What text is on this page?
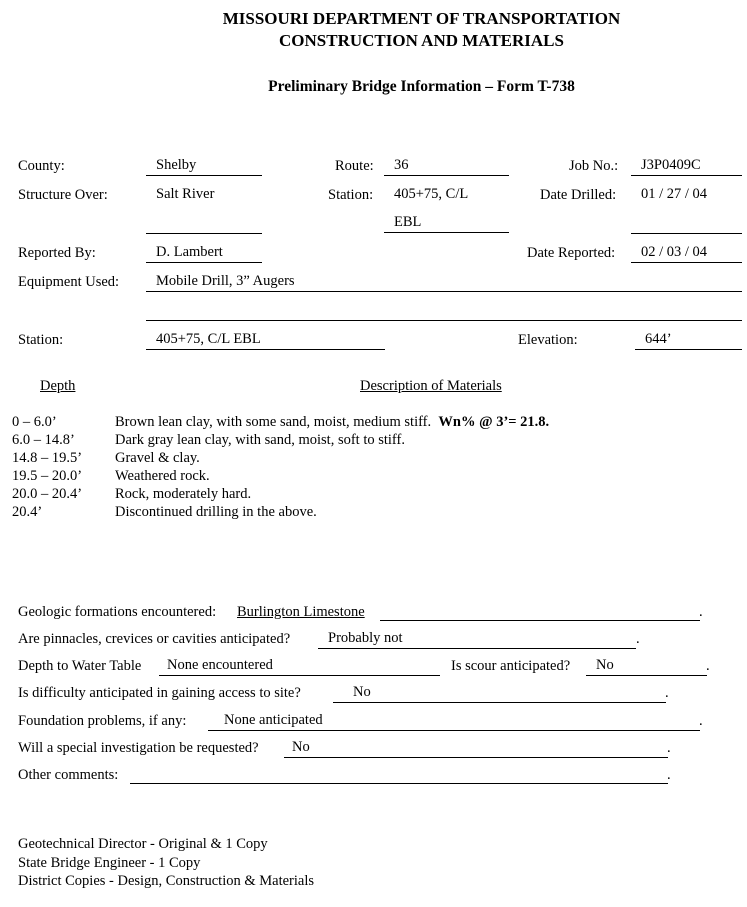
MISSOURI DEPARTMENT OF TRANSPORTATION
CONSTRUCTION AND MATERIALS
Preliminary Bridge Information – Form T-738
County:	Shelby	Route:	36	Job No.:	J3P0409C
Structure Over:	Salt River	Station:	405+75, C/L
EBL
Date Drilled:	01 / 27 / 04
Reported By:	D. Lambert	Date Reported:	02 / 03 / 04
Equipment Used:	Mobile Drill, 3” Augers
Station:	405+75, C/L EBL	Elevation:	644’
Depth	Description of Materials
0 – 6.0’	Brown lean clay, with some sand, moist, medium stiff. Wn% @ 3’= 21.8.
6.0 – 14.8’	Dark gray lean clay, with sand, moist, soft to stiff.
14.8 – 19.5’ Gravel & clay.
19.5 – 20.0’ Weathered rock.
20.0 – 20.4’ Rock, moderately hard.
20.4’	Discontinued drilling in the above.
Geologic formations encountered: Burlington Limestone	.
Are pinnacles, crevices or cavities anticipated?	Probably not	.
Depth to Water Table	None encountered	Is scour anticipated?	No	.
Is difficulty anticipated in gaining access to site?	No	.
Foundation problems, if any:	None anticipated	.
Will a special investigation be requested?	No	.
Other comments:	.
Geotechnical Director - Original & 1 Copy
State Bridge Engineer - 1 Copy
District Copies - Design, Construction & Materials
